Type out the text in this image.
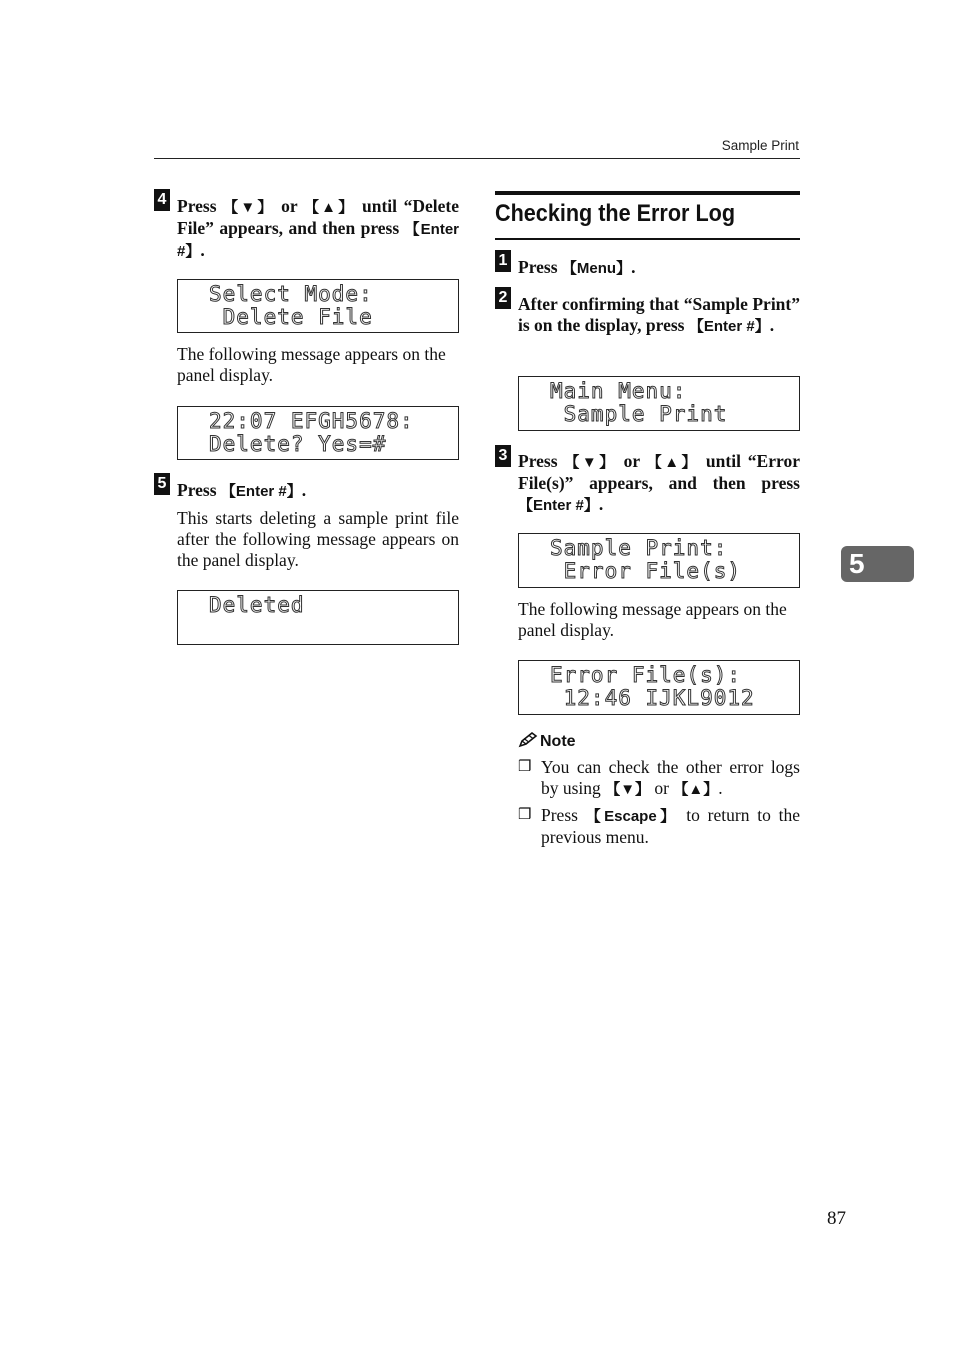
Sample Print
4 Press 【▼】 or 【▲】 until “Delete File” appears, and then press 【Enter #】.

Select Mode:

Delete File

The following message appears on the panel display.

22:07 EFGH5678:

Delete? Yes=#

5 Press 【Enter #】.
This starts deleting a sample print file after the following message appears on the panel display.

Deleted

Checking the Error Log
1 Press 【Menu】.
2 After confirming that “Sample Print” is on the display, press 【Enter #】.

Main Menu:

Sample Print

3 Press 【▼】 or 【▲】 until “Error File(s)” appears, and then press 【Enter #】.

Sample Print:

Error File(s)

The following message appears on the panel display.

Error File(s):

12:46 IJKL9012

Note
❒ You can check the other error logs by using 【▼】 or 【▲】.
❒ Press 【Escape】 to return to the previous menu.
5
87
